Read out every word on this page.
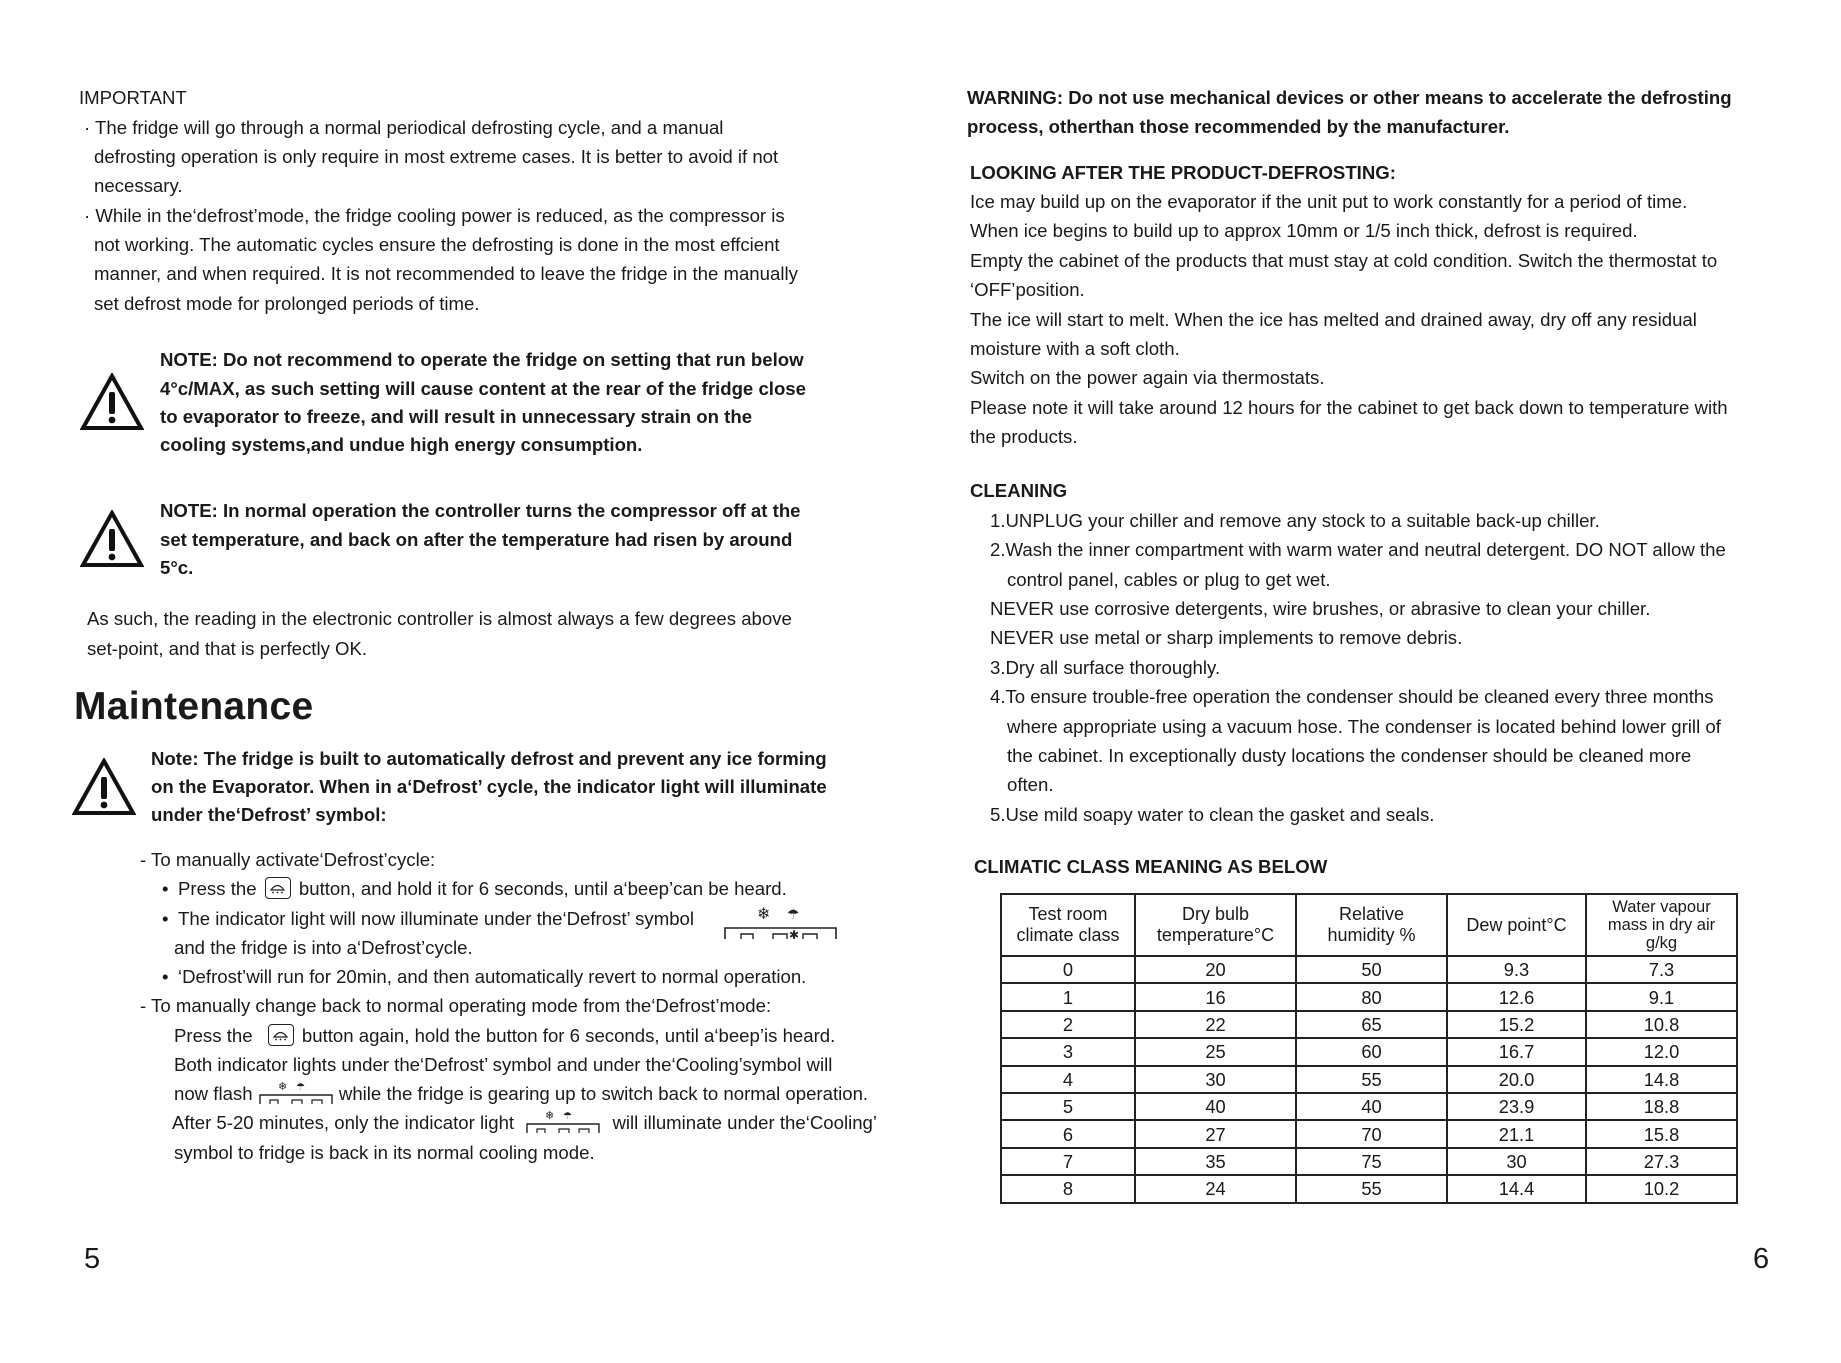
IMPORTANT

· The fridge will go through a normal periodical defrosting cycle, and a manual

defrosting operation is only require in most extreme cases. It is better to avoid if not

necessary.

· While in the‘defrost’mode, the fridge cooling power is reduced, as the compressor is

not working. The automatic cycles ensure the defrosting is done in the most effcient

manner, and when required. It is not recommended to leave the fridge in the manually

set defrost mode for prolonged periods of time.

NOTE: Do not recommend to operate the fridge on setting that run below

4°c/MAX, as such setting will cause content at the rear of the fridge close

to evaporator to freeze, and will result in unnecessary strain on the

cooling systems,and undue high energy consumption.

NOTE: In normal operation the controller turns the compressor off at the

set temperature, and back on after the temperature had risen by around

5°c.

As such, the reading in the electronic controller is almost always a few degrees above

set-point, and that is perfectly OK.

Maintenance

Note: The fridge is built to automatically defrost and prevent any ice forming

on the Evaporator. When in a‘Defrost’ cycle, the indicator light will illuminate

under the‘Defrost’ symbol:

- To manually activate‘Defrost’cycle:

• Press the button, and hold it for 6 seconds, until a‘beep’can be heard.
• The indicator light will now illuminate under the‘Defrost’ symbol	❄ ☂
✱

and the fridge is into a‘Defrost’cycle.

• ‘Defrost’will run for 20min, and then automatically revert to normal operation.

- To manually change back to normal operating mode from the‘Defrost’mode:

Press the	button again, hold the button for 6 seconds, until a‘beep’is heard.

Both indicator lights under the‘Defrost’ symbol and under the‘Cooling’symbol will

now flash ❄ ☂ while the fridge is gearing up to switch back to normal operation.
After 5-20 minutes, only the indicator light	❄ ☂ will illuminate under the‘Cooling’

symbol to fridge is back in its normal cooling mode.

5

WARNING: Do not use mechanical devices or other means to accelerate the defrosting

process, otherthan those recommended by the manufacturer.

LOOKING AFTER THE PRODUCT-DEFROSTING:

Ice may build up on the evaporator if the unit put to work constantly for a period of time.

When ice begins to build up to approx 10mm or 1/5 inch thick, defrost is required.

Empty the cabinet of the products that must stay at cold condition. Switch the thermostat to

‘OFF’position.

The ice will start to melt. When the ice has melted and drained away, dry off any residual

moisture with a soft cloth.

Switch on the power again via thermostats.

Please note it will take around 12 hours for the cabinet to get back down to temperature with

the products.

CLEANING

1.UNPLUG your chiller and remove any stock to a suitable back-up chiller.

2.Wash the inner compartment with warm water and neutral detergent. DO NOT allow the

control panel, cables or plug to get wet.

NEVER use corrosive detergents, wire brushes, or abrasive to clean your chiller.

NEVER use metal or sharp implements to remove debris.

3.Dry all surface thoroughly.

4.To ensure trouble-free operation the condenser should be cleaned every three months

where appropriate using a vacuum hose. The condenser is located behind lower grill of

the cabinet. In exceptionally dusty locations the condenser should be cleaned more

often.

5.Use mild soapy water to clean the gasket and seals.

CLIMATIC CLASS MEANING AS BELOW

Test room
climate class	Dry bulb
temperature°C	Relative
humidity %	Dew point°C	Water vapour
mass in dry air
g/kg
0	20	50	9.3	7.3
1	16	80	12.6	9.1
2	22	65	15.2	10.8
3	25	60	16.7	12.0
4	30	55	20.0	14.8
5	40	40	23.9	18.8
6	27	70	21.1	15.8
7	35	75	30	27.3
8	24	55	14.4	10.2

6
